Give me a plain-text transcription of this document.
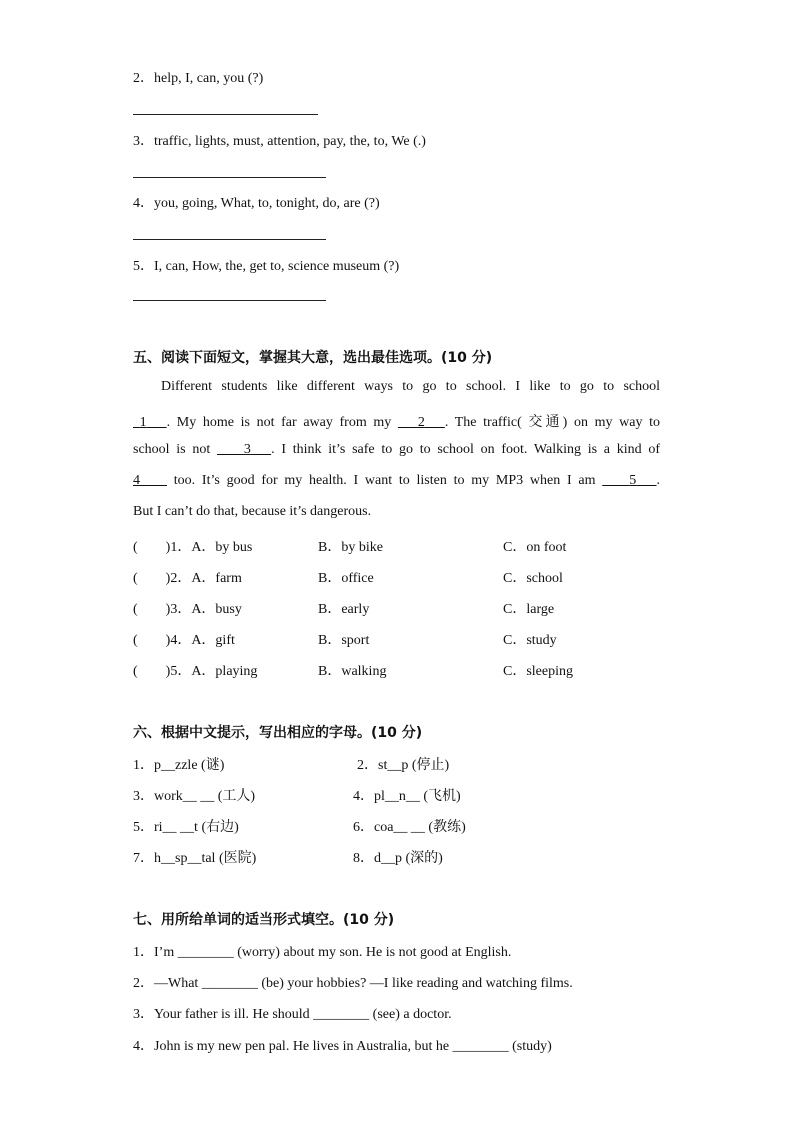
2．help, I, can, you (?)
3．traffic, lights, must, attention, pay, the, to, We (.)
4．you, going, What, to, tonight, do, are (?)
5．I, can, How, the, get to, science museum (?)
五、阅读下面短文，掌握其大意，选出最佳选项。(10 分)
Different students like different ways to go to school. I like to go to school
1 . My home is not far away from my 2 . The traffic( 交通) on my way to
school is not 3 . I think it’s safe to go to school on foot. Walking is a kind of
4 too. It’s good for my health. I want to listen to my MP3 when I am 5 .
But I can’t do that, because it’s dangerous.
(　　)1．A．by bus	B．by bike	C．on foot
(　　)2．A．farm	B．office	C．school
(　　)3．A．busy	B．early	C．large
(　　)4．A．gift	B．sport	C．study
(　　)5．A．playing	B．walking	C．sleeping
六、根据中文提示，写出相应的字母。(10 分)
1．p__zzle (谜)	2．st__p (停止)
3．work__ __ (工人)	4．pl__n__ (飞机)
5．ri__ __t (右边)	6．coa__ __ (教练)
7．h__sp__tal (医院)	8．d__p (深的)
七、用所给单词的适当形式填空。(10 分)
1．I’m ________ (worry) about my son. He is not good at English.
2．—What ________ (be) your hobbies? —I like reading and watching films.
3．Your father is ill. He should ________ (see) a doctor.
4．John is my new pen pal. He lives in Australia, but he ________ (study)
